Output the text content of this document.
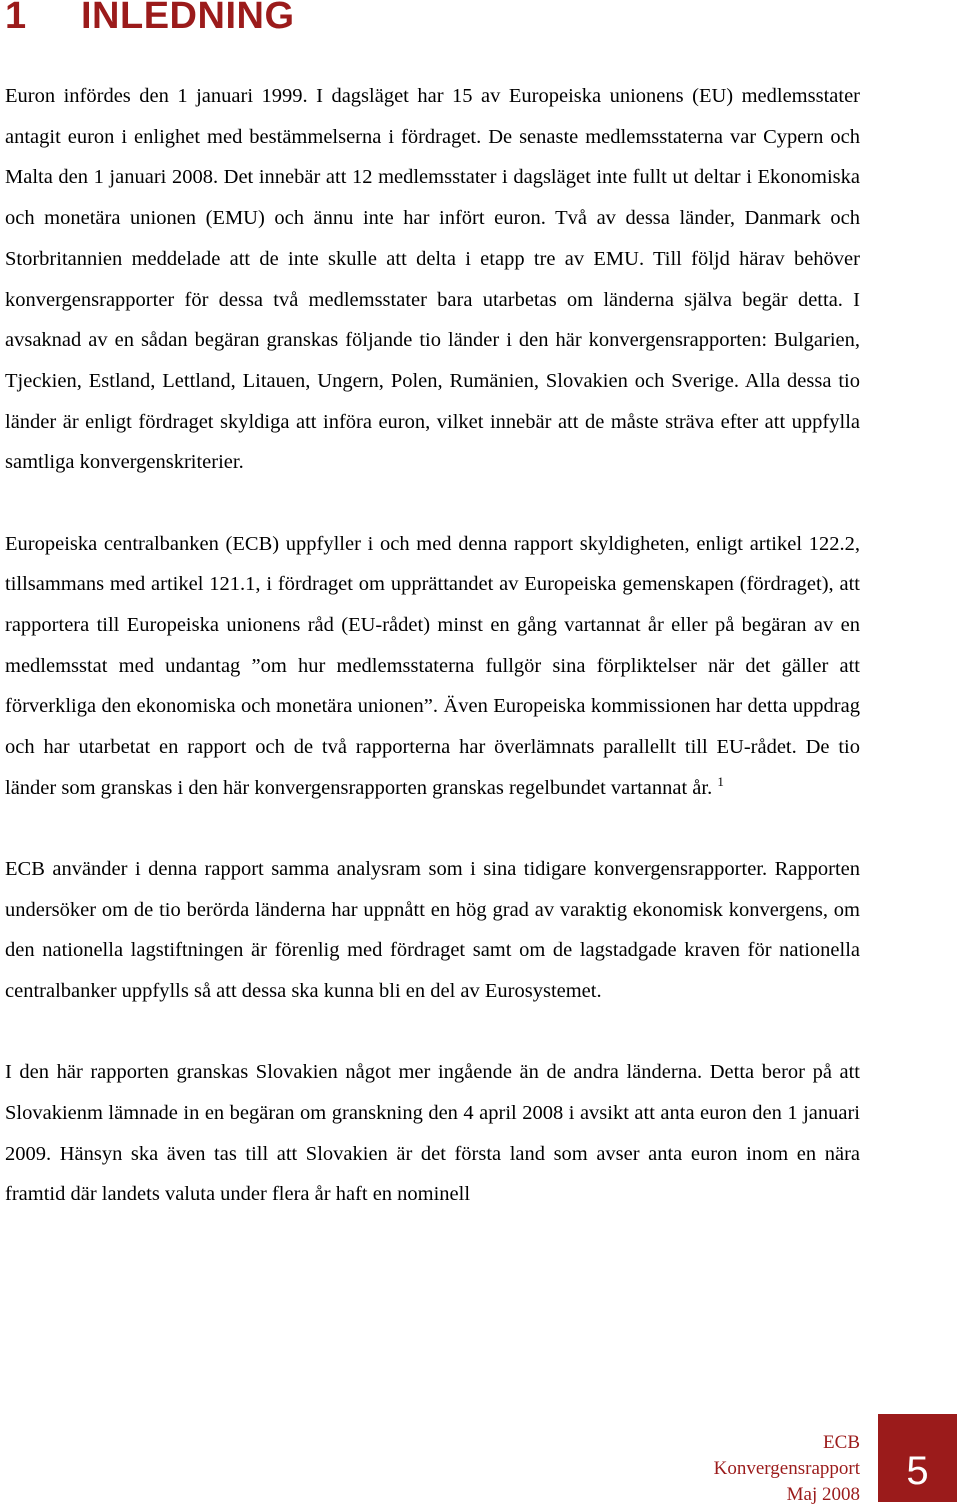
1 INLEDNING

Euron infördes den 1 januari 1999. I dagsläget har 15 av Europeiska unionens (EU) medlemsstater antagit euron i enlighet med bestämmelserna i fördraget. De senaste medlemsstaterna var Cypern och Malta den 1 januari 2008. Det innebär att 12 medlemsstater i dagsläget inte fullt ut deltar i Ekonomiska och monetära unionen (EMU) och ännu inte har infört euron. Två av dessa länder, Danmark och Storbritannien meddelade att de inte skulle att delta i etapp tre av EMU. Till följd härav behöver konvergensrapporter för dessa två medlemsstater bara utarbetas om länderna själva begär detta. I avsaknad av en sådan begäran granskas följande tio länder i den här konvergensrapporten: Bulgarien, Tjeckien, Estland, Lettland, Litauen, Ungern, Polen, Rumänien, Slovakien och Sverige. Alla dessa tio länder är enligt fördraget skyldiga att införa euron, vilket innebär att de måste sträva efter att uppfylla samtliga konvergenskriterier.

Europeiska centralbanken (ECB) uppfyller i och med denna rapport skyldigheten, enligt artikel 122.2, tillsammans med artikel 121.1, i fördraget om upprättandet av Europeiska gemenskapen (fördraget), att rapportera till Europeiska unionens råd (EU-rådet) minst en gång vartannat år eller på begäran av en medlemsstat med undantag ”om hur medlemsstaterna fullgör sina förpliktelser när det gäller att förverkliga den ekonomiska och monetära unionen”. Även Europeiska kommissionen har detta uppdrag och har utarbetat en rapport och de två rapporterna har överlämnats parallellt till EU-rådet. De tio länder som granskas i den här konvergensrapporten granskas regelbundet vartannat år. $^1$

ECB använder i denna rapport samma analysram som i sina tidigare konvergensrapporter. Rapporten undersöker om de tio berörda länderna har uppnått en hög grad av varaktig ekonomisk konvergens, om den nationella lagstiftningen är förenlig med fördraget samt om de lagstadgade kraven för nationella centralbanker uppfylls så att dessa ska kunna bli en del av Eurosystemet.

I den här rapporten granskas Slovakien något mer ingående än de andra länderna. Detta beror på att Slovakienm lämnade in en begäran om granskning den 4 april 2008 i avsikt att anta euron den 1 januari 2009. Hänsyn ska även tas till att Slovakien är det första land som avser anta euron inom en nära framtid där landets valuta under flera år haft en nominell

ECB
Konvergensrapport
Maj 2008
5
